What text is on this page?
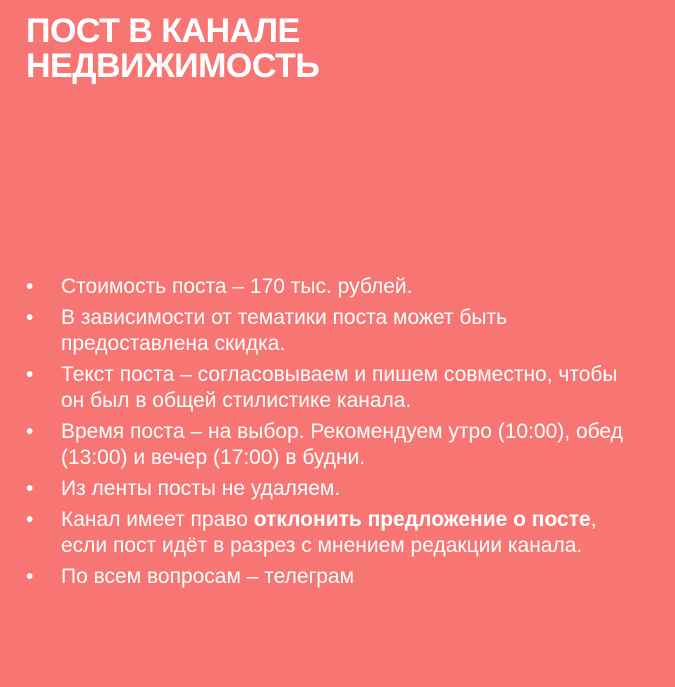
ПОСТ В КАНАЛЕ
НЕДВИЖИМОСТЬ
•	Стоимость поста – 170 тыс. рублей.
•	В зависимости от тематики поста может быть предоставлена скидка.
•	Текст поста – согласовываем и пишем совместно, чтобы он был в общей стилистике канала.
•	Время поста – на выбор. Рекомендуем утро (10:00), обед (13:00) и вечер (17:00) в будни.
•	Из ленты посты не удаляем.
•	Канал имеет право отклонить предложение о посте, если пост идёт в разрез с мнением редакции канала.
•	По всем вопросам – телеграм
